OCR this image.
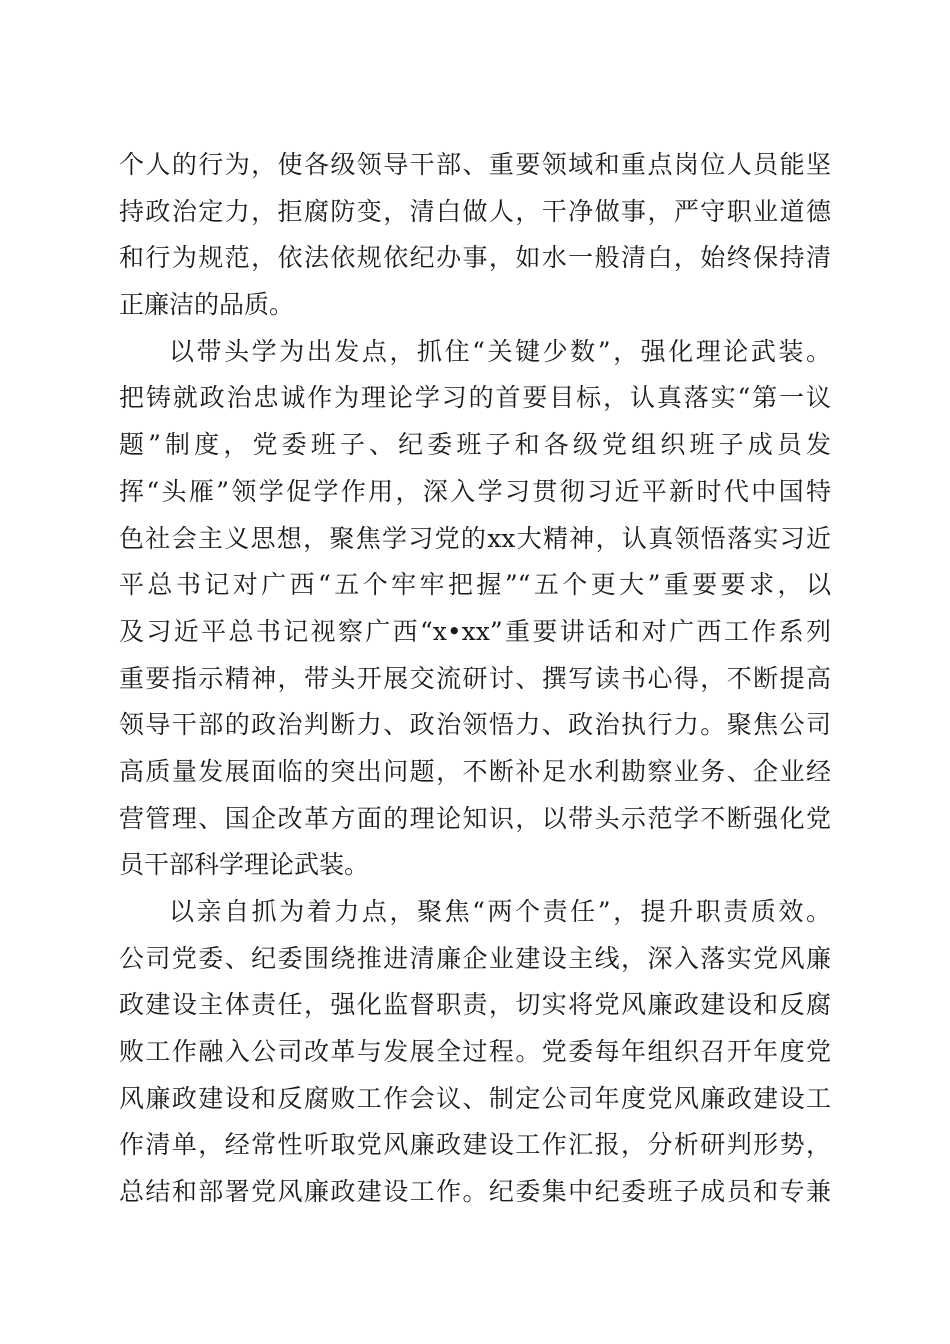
个人的行为，使各级领导干部、重要领域和重点岗位人员能坚
持政治定力，拒腐防变，清白做人，干净做事，严守职业道德
和行为规范，依法依规依纪办事，如水一般清白，始终保持清
正廉洁的品质。
以带头学为出发点，抓住“关键少数”，强化理论武装。
把铸就政治忠诚作为理论学习的首要目标，认真落实“第一议
题”制度，党委班子、纪委班子和各级党组织班子成员发
挥“头雁”领学促学作用，深入学习贯彻习近平新时代中国特
色社会主义思想，聚焦学习党的xx大精神，认真领悟落实习近
平总书记对广西“五个牢牢把握”“五个更大”重要要求，以
及习近平总书记视察广西“x•xx”重要讲话和对广西工作系列
重要指示精神，带头开展交流研讨、撰写读书心得，不断提高
领导干部的政治判断力、政治领悟力、政治执行力。聚焦公司
高质量发展面临的突出问题，不断补足水利勘察业务、企业经
营管理、国企改革方面的理论知识，以带头示范学不断强化党
员干部科学理论武装。
以亲自抓为着力点，聚焦“两个责任”，提升职责质效。
公司党委、纪委围绕推进清廉企业建设主线，深入落实党风廉
政建设主体责任，强化监督职责，切实将党风廉政建设和反腐
败工作融入公司改革与发展全过程。党委每年组织召开年度党
风廉政建设和反腐败工作会议、制定公司年度党风廉政建设工
作清单，经常性听取党风廉政建设工作汇报，分析研判形势，
总结和部署党风廉政建设工作。纪委集中纪委班子成员和专兼
